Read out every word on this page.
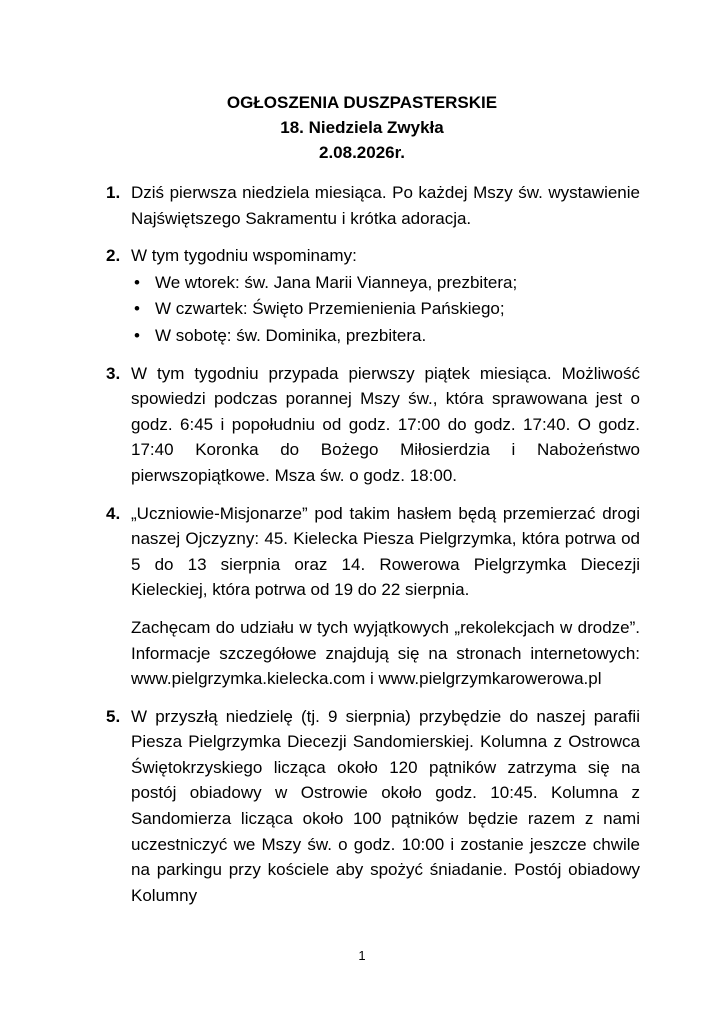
OGŁOSZENIA DUSZPASTERSKIE
18. Niedziela Zwykła
2.08.2026r.
1. Dziś pierwsza niedziela miesiąca. Po każdej Mszy św. wystawienie Najświętszego Sakramentu i krótka adoracja.
2. W tym tygodniu wspominamy:
• We wtorek: św. Jana Marii Vianneya, prezbitera;
• W czwartek: Święto Przemienienia Pańskiego;
• W sobotę: św. Dominika, prezbitera.
3. W tym tygodniu przypada pierwszy piątek miesiąca. Możliwość spowiedzi podczas porannej Mszy św., która sprawowana jest o godz. 6:45 i popołudniu od godz. 17:00 do godz. 17:40. O godz. 17:40 Koronka do Bożego Miłosierdzia i Nabożeństwo pierwszopiątkowe. Msza św. o godz. 18:00.
4. „Uczniowie-Misjonarze” pod takim hasłem będą przemierzać drogi naszej Ojczyzny: 45. Kielecka Piesza Pielgrzymka, która potrwa od 5 do 13 sierpnia oraz 14. Rowerowa Pielgrzymka Diecezji Kieleckiej, która potrwa od 19 do 22 sierpnia.
Zachęcam do udziału w tych wyjątkowych „rekolekcjach w drodze”. Informacje szczegółowe znajdują się na stronach internetowych: www.pielgrzymka.kielecka.com i www.pielgrzymkarowerowa.pl
5. W przyszłą niedzielę (tj. 9 sierpnia) przybędzie do naszej parafii Piesza Pielgrzymka Diecezji Sandomierskiej. Kolumna z Ostrowca Świętokrzyskiego licząca około 120 pątników zatrzyma się na postój obiadowy w Ostrowie około godz. 10:45. Kolumna z Sandomierza licząca około 100 pątników będzie razem z nami uczestniczyć we Mszy św. o godz. 10:00 i zostanie jeszcze chwile na parkingu przy kościele aby spożyć śniadanie. Postój obiadowy Kolumny
1
